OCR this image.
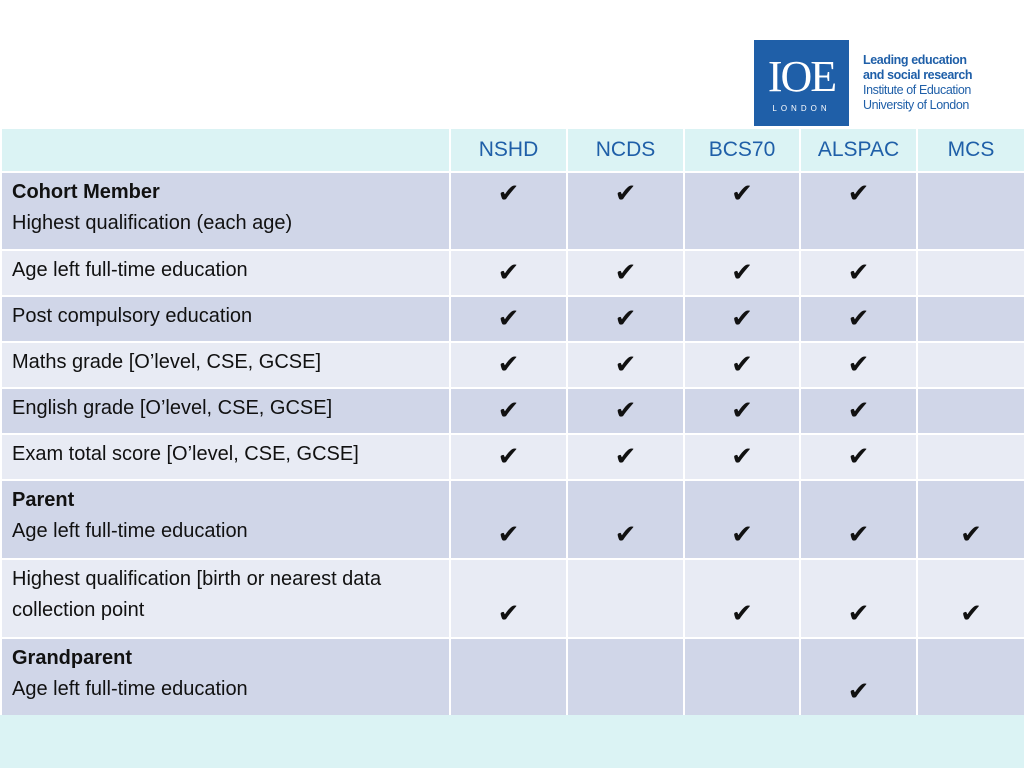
IOE
LONDON
Leading education
and social research
Institute of Education
University of London
	NSHD	NCDS	BCS70	ALSPAC	MCS
Cohort Member
Highest qualification (each age)	✔	✔	✔	✔	
Age left full-time education	✔	✔	✔	✔	
Post compulsory education	✔	✔	✔	✔	
Maths grade [O’level, CSE, GCSE]	✔	✔	✔	✔	
English grade [O’level, CSE, GCSE]	✔	✔	✔	✔	
Exam total score [O’level, CSE, GCSE]	✔	✔	✔	✔	
Parent
Age left full-time education	✔	✔	✔	✔	✔
Highest qualification [birth or nearest data collection point	✔		✔	✔	✔
Grandparent
Age left full-time education				✔	
